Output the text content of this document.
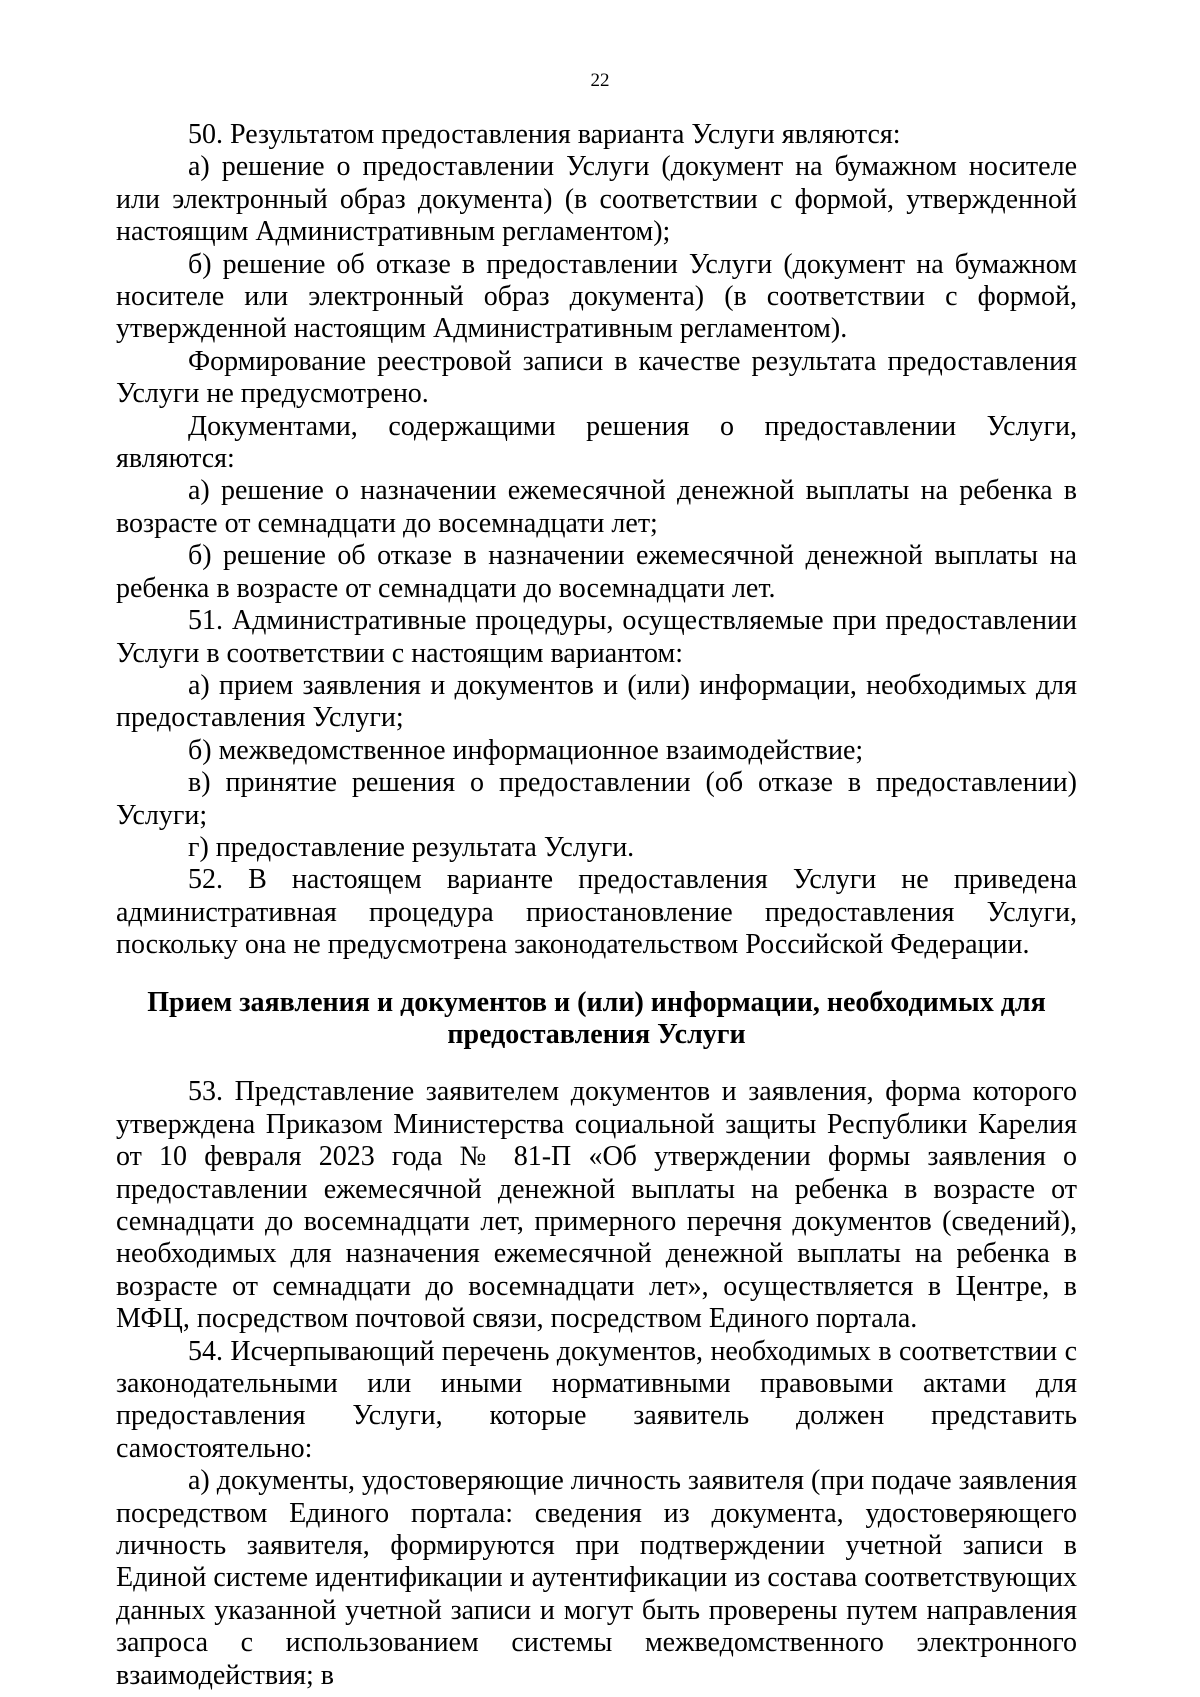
22

50. Результатом предоставления варианта Услуги являются:

а) решение о предоставлении Услуги (документ на бумажном носителе или электронный образ документа) (в соответствии с формой, утвержденной настоящим Административным регламентом);

б) решение об отказе в предоставлении Услуги (документ на бумажном носителе или электронный образ документа) (в соответствии с формой, утвержденной настоящим Административным регламентом).

Формирование реестровой записи в качестве результата предоставления Услуги не предусмотрено.

Документами, содержащими решения о предоставлении Услуги, являются:

а) решение о назначении ежемесячной денежной выплаты на ребенка в возрасте от семнадцати до восемнадцати лет;

б) решение об отказе в назначении ежемесячной денежной выплаты на ребенка в возрасте от семнадцати до восемнадцати лет.

51. Административные процедуры, осуществляемые при предоставлении Услуги в соответствии с настоящим вариантом:

а) прием заявления и документов и (или) информации, необходимых для предоставления Услуги;

б) межведомственное информационное взаимодействие;

в) принятие решения о предоставлении (об отказе в предоставлении) Услуги;

г) предоставление результата Услуги.

52. В настоящем варианте предоставления Услуги не приведена административная процедура приостановление предоставления Услуги, поскольку она не предусмотрена законодательством Российской Федерации.

Прием заявления и документов и (или) информации, необходимых для предоставления Услуги

53. Представление заявителем документов и заявления, форма которого утверждена Приказом Министерства социальной защиты Республики Карелия от 10 февраля 2023 года № 81-П «Об утверждении формы заявления о предоставлении ежемесячной денежной выплаты на ребенка в возрасте от семнадцати до восемнадцати лет, примерного перечня документов (сведений), необходимых для назначения ежемесячной денежной выплаты на ребенка в возрасте от семнадцати до восемнадцати лет», осуществляется в Центре, в МФЦ, посредством почтовой связи, посредством Единого портала.

54. Исчерпывающий перечень документов, необходимых в соответствии с законодательными или иными нормативными правовыми актами для предоставления Услуги, которые заявитель должен представить самостоятельно:

а) документы, удостоверяющие личность заявителя (при подаче заявления посредством Единого портала: сведения из документа, удостоверяющего личность заявителя, формируются при подтверждении учетной записи в Единой системе идентификации и аутентификации из состава соответствующих данных указанной учетной записи и могут быть проверены путем направления запроса с использованием системы межведомственного электронного взаимодействия; в
